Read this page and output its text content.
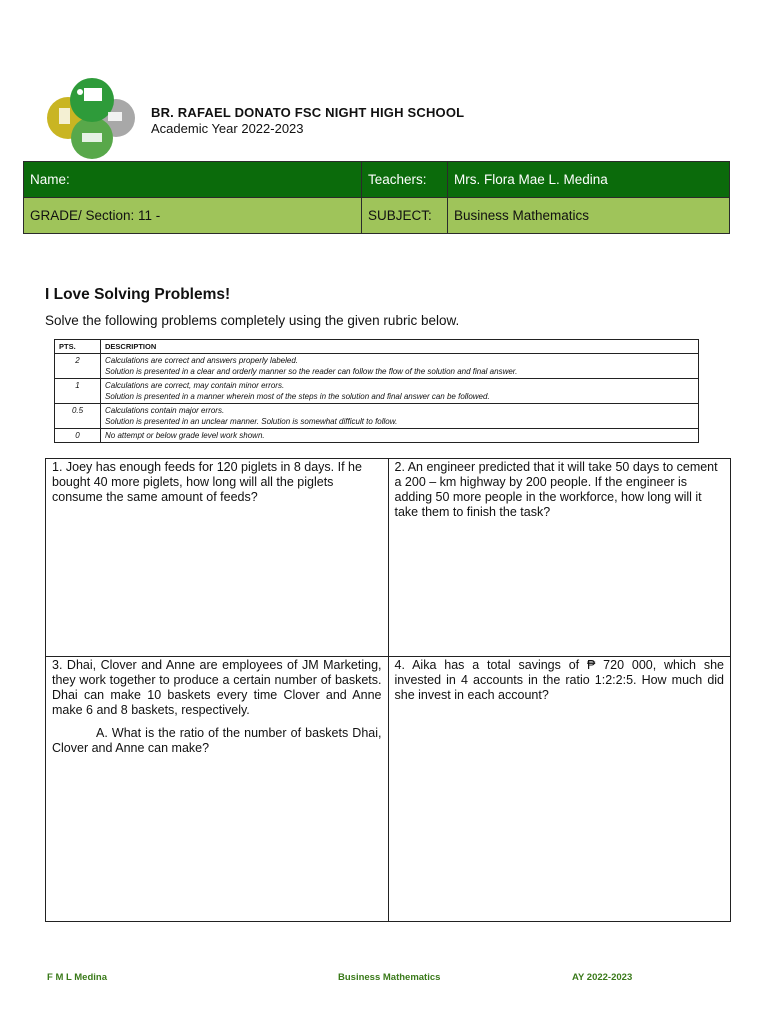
BR. RAFAEL DONATO FSC NIGHT HIGH SCHOOL
Academic Year 2022-2023
Name:	Teachers:	Mrs. Flora Mae L. Medina
GRADE/ Section: 11 -	SUBJECT:	Business Mathematics
I Love Solving Problems!
Solve the following problems completely using the given rubric below.
PTS.	DESCRIPTION
2	Calculations are correct and answers properly labeled.
Solution is presented in a clear and orderly manner so the reader can follow the flow of the solution and final answer.

1	Calculations are correct, may contain minor errors.
Solution is presented in a manner wherein most of the steps in the solution and final answer can be followed.

0.5	Calculations contain major errors.
Solution is presented in an unclear manner. Solution is somewhat difficult to follow.

0	No attempt or below grade level work shown.
1. Joey has enough feeds for 120 piglets in 8 days. If he bought 40 more piglets, how long will all the piglets consume the same amount of feeds?	2. An engineer predicted that it will take 50 days to cement a 200 – km highway by 200 people. If the engineer is adding 50 more people in the workforce, how long will it take them to finish the task?

3. Dhai, Clover and Anne are employees of JM Marketing, they work together to produce a certain number of baskets. Dhai can make 10 baskets every time Clover and Anne make 6 and 8 baskets, respectively.
A. What is the ratio of the number of baskets Dhai, Clover and Anne can make?	4. Aika has a total savings of ₱ 720 000, which she invested in 4 accounts in the ratio 1:2:2:5. How much did she invest in each account?
F M L Medina	Business Mathematics	AY 2022-2023
